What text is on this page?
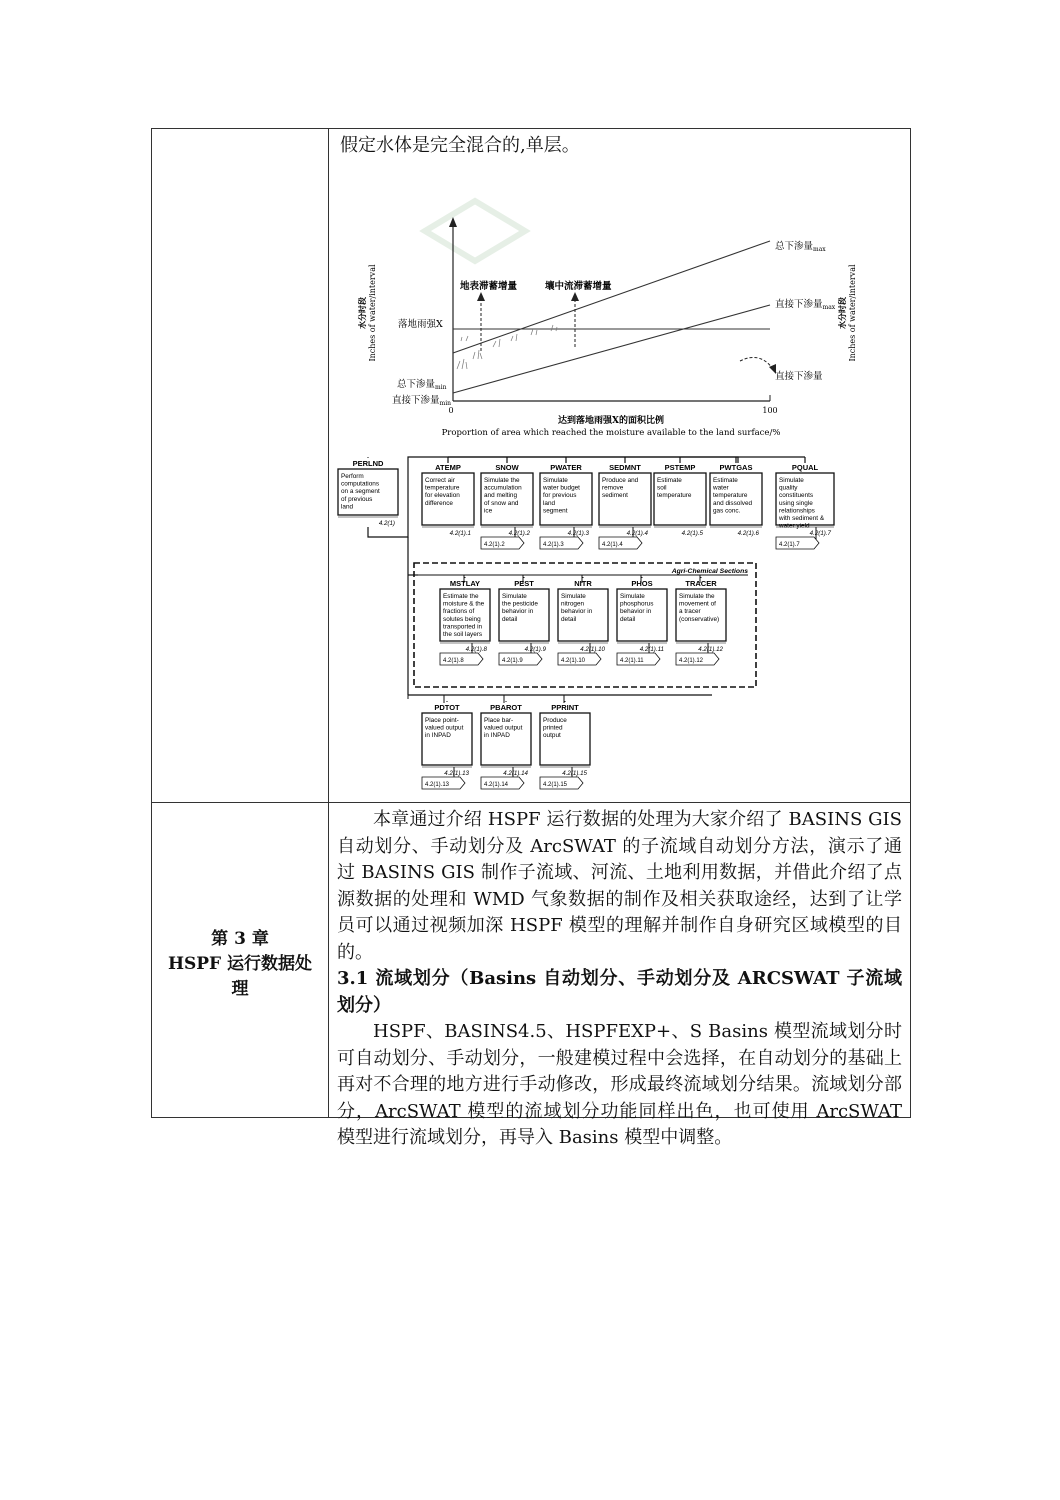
假定水体是完全混合的,单层。
0	100
地表滞蓄增量	壤中流滞蓄增量
落地雨强X
总下渗量$_{min}$
直接下渗量$_{min}$
总下渗量$_{max}$
直接下渗量$_{max}$
直接下渗量
达到落地雨强X的面积比例
Proportion of area which reached the moisture available to the land surface/%
水分时段 Inches of water/interval	水分时段 Inches of water/interval
PERLND
Perform
computations
on a segment
of previous
land
4.2(1)
ATEMP
Correct air
temperature
for elevation
difference
4.2(1).1
SNOW
Simulate the
accumulation
and melting
of snow and
ice
4.2(1).2
4.2(1).2
PWATER
Simulate
water budget
for previous
land
segment
4.2(1).3
4.2(1).3
SEDMNT
Produce and
remove
sediment
4.2(1).4
4.2(1).4
PSTEMP
Estimate
soil
temperature
4.2(1).5
PWTGAS
Estimate
water
temperature
and dissolved
gas conc.
4.2(1).6
PQUAL
Simulate
quality
constituents
using single
relationships
with sediment &
water yield
4.2(1).7
4.2(1).7
Agri-Chemical Sections
MSTLAY
Estimate the
moisture & the
fractions of
solutes being
transported in
the soil layers
4.2(1).8
4.2(1).8
PEST
Simulate
the pesticide
behavior in
detail
4.2(1).9
4.2(1).9
NITR
Simulate
nitrogen
behavior in
detail
4.2(1).10
4.2(1).10
PHOS
Simulate
phosphorus
behavior in
detail
4.2(1).11
4.2(1).11
TRACER
Simulate the
movement of
a tracer
(conservative)
4.2(1).12
4.2(1).12
PDTOT
Place point-
valued output
in INPAD
4.2(1).13
4.2(1).13
PBAROT
Place bar-
valued output
in INPAD
4.2(1).14
4.2(1).14
PPRINT
Produce
printed
output
4.2(1).15
4.2(1).15
第 3 章
HSPF 运行数据处
理

本章通过介绍 HSPF 运行数据的处理为大家介绍了 BASINS GIS 自动划分、手动划分及 ArcSWAT 的子流域自动划分方法，演示了通过 BASINS GIS 制作子流域、河流、土地利用数据，并借此介绍了点源数据的处理和 WMD 气象数据的制作及相关获取途经，达到了让学员可以通过视频加深 HSPF 模型的理解并制作自身研究区域模型的目的。

3.1 流域划分（Basins 自动划分、手动划分及 ARCSWAT 子流域划分）

HSPF、BASINS4.5、HSPFEXP+、S Basins 模型流域划分时可自动划分、手动划分，一般建模过程中会选择，在自动划分的基础上再对不合理的地方进行手动修改，形成最终流域划分结果。流域划分部分，ArcSWAT 模型的流域划分功能同样出色，也可使用 ArcSWAT 模型进行流域划分，再导入 Basins 模型中调整。
